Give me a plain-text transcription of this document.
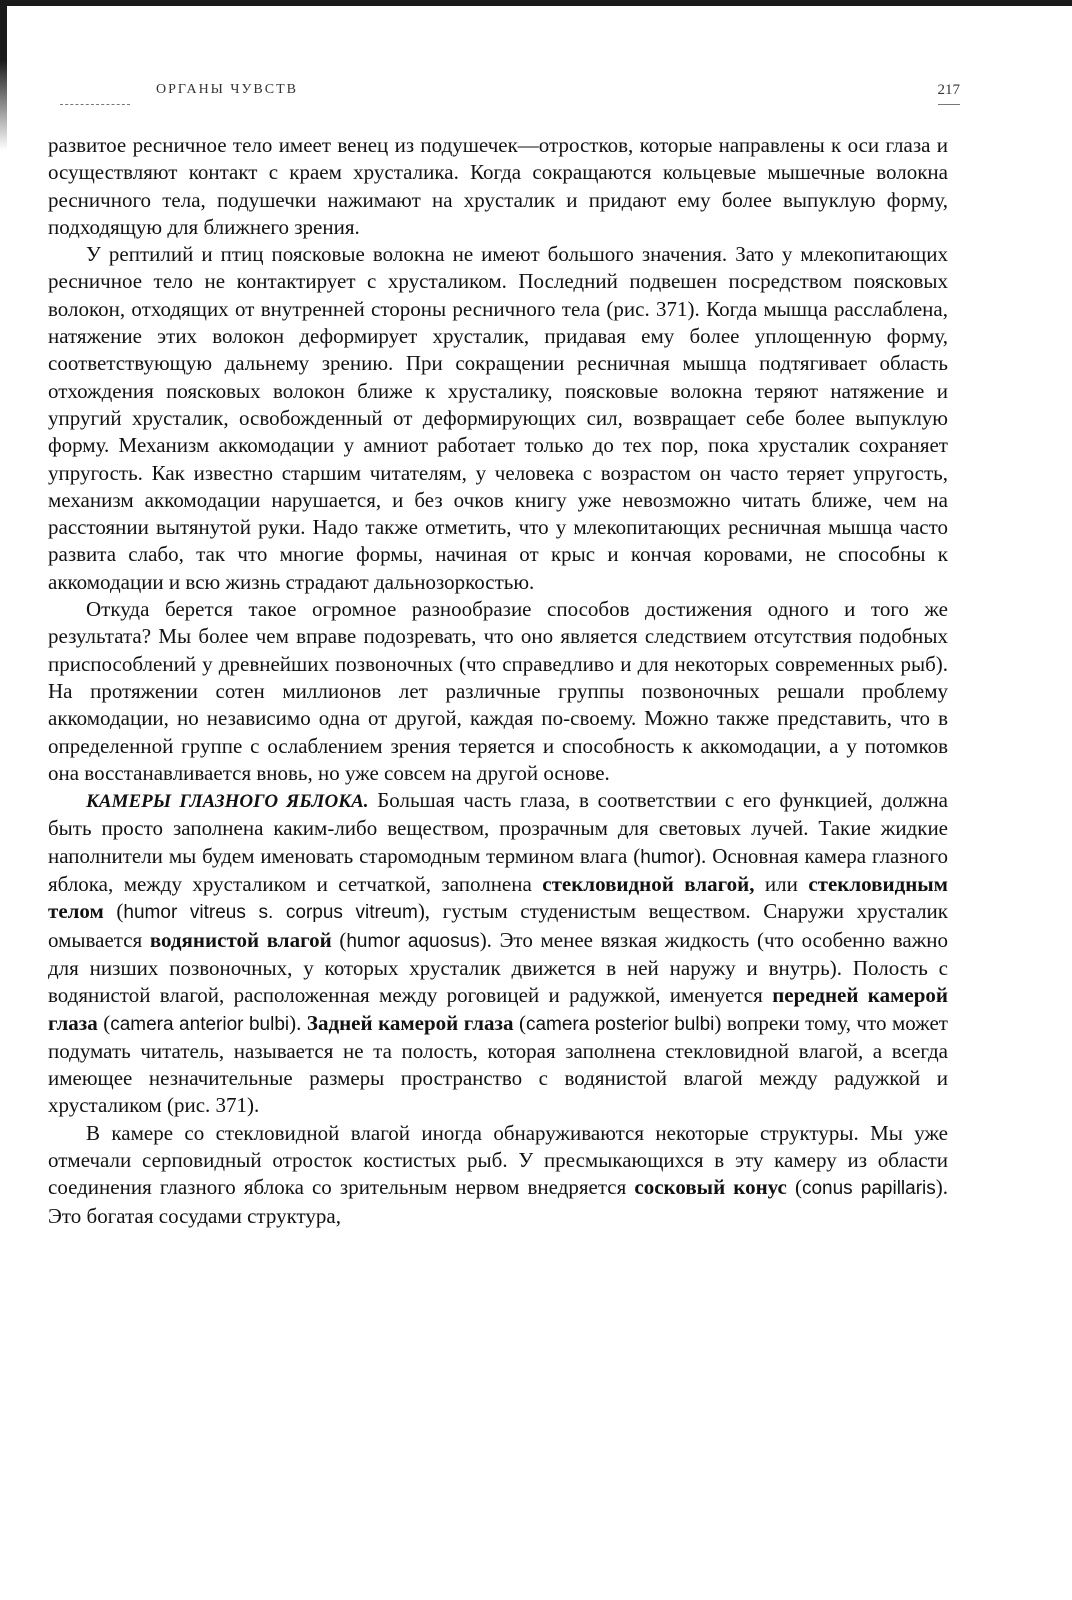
ОРГАНЫ ЧУВСТВ	217

развитое ресничное тело имеет венец из подушечек—отростков, которые направлены к оси глаза и осуществляют контакт с краем хрусталика. Когда сокращаются кольцевые мышечные волокна ресничного тела, подушечки нажимают на хрусталик и придают ему более выпуклую форму, подходящую для ближнего зрения.

У рептилий и птиц поясковые волокна не имеют большого значения. Зато у млекопитающих ресничное тело не контактирует с хрусталиком. Последний подвешен посредством поясковых волокон, отходящих от внутренней стороны ресничного тела (рис. 371). Когда мышца расслаблена, натяжение этих волокон деформирует хрусталик, придавая ему более уплощенную форму, соответствующую дальнему зрению. При сокращении ресничная мышца подтягивает область отхождения поясковых волокон ближе к хрусталику, поясковые волокна теряют натяжение и упругий хрусталик, освобожденный от деформирующих сил, возвращает себе более выпуклую форму. Механизм аккомодации у амниот работает только до тех пор, пока хрусталик сохраняет упругость. Как известно старшим читателям, у человека с возрастом он часто теряет упругость, механизм аккомодации нарушается, и без очков книгу уже невозможно читать ближе, чем на расстоянии вытянутой руки. Надо также отметить, что у млекопитающих ресничная мышца часто развита слабо, так что многие формы, начиная от крыс и кончая коровами, не способны к аккомодации и всю жизнь страдают дальнозоркостью.

Откуда берется такое огромное разнообразие способов достижения одного и того же результата? Мы более чем вправе подозревать, что оно является следствием отсутствия подобных приспособлений у древнейших позвоночных (что справедливо и для некоторых современных рыб). На протяжении сотен миллионов лет различные группы позвоночных решали проблему аккомодации, но независимо одна от другой, каждая по-своему. Можно также представить, что в определенной группе с ослаблением зрения теряется и способность к аккомодации, а у потомков она восстанавливается вновь, но уже совсем на другой основе.

КАМЕРЫ ГЛАЗНОГО ЯБЛОКА. Большая часть глаза, в соответствии с его функцией, должна быть просто заполнена каким-либо веществом, прозрачным для световых лучей. Такие жидкие наполнители мы будем именовать старомодным термином влага (humor). Основная камера глазного яблока, между хрусталиком и сетчаткой, заполнена стекловидной влагой, или стекловидным телом (humor vitreus s. corpus vitreum), густым студенистым веществом. Снаружи хрусталик омывается водянистой влагой (humor aquosus). Это менее вязкая жидкость (что особенно важно для низших позвоночных, у которых хрусталик движется в ней наружу и внутрь). Полость с водянистой влагой, расположенная между роговицей и радужкой, именуется передней камерой глаза (camera anterior bulbi). Задней камерой глаза (camera posterior bulbi) вопреки тому, что может подумать читатель, называется не та полость, которая заполнена стекловидной влагой, а всегда имеющее незначительные размеры пространство с водянистой влагой между радужкой и хрусталиком (рис. 371).

В камере со стекловидной влагой иногда обнаруживаются некоторые структуры. Мы уже отмечали серповидный отросток костистых рыб. У пресмыкающихся в эту камеру из области соединения глазного яблока со зрительным нервом внедряется сосковый конус (conus papillaris). Это богатая сосудами структура,
